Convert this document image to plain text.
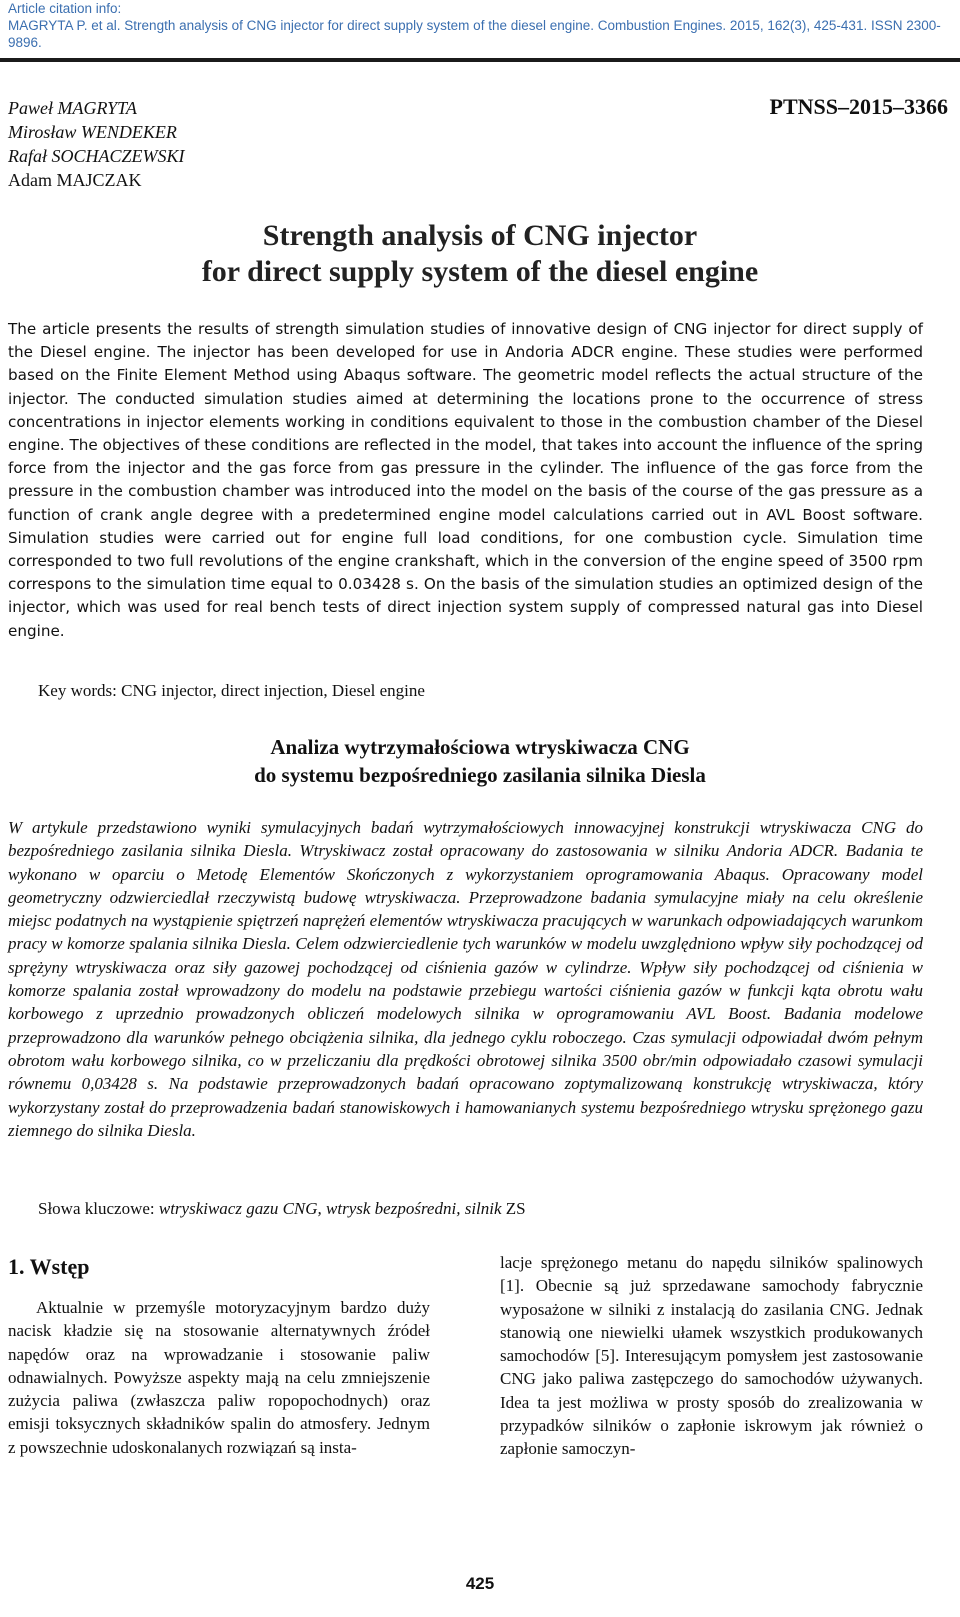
Article citation info:
MAGRYTA P. et al. Strength analysis of CNG injector for direct supply system of the diesel engine. Combustion Engines. 2015, 162(3), 425-431. ISSN 2300-9896.
Paweł MAGRYTA
Mirosław WENDEKER
Rafał SOCHACZEWSKI
Adam MAJCZAK
PTNSS–2015–3366
Strength analysis of CNG injector
for direct supply system of the diesel engine

The article presents the results of strength simulation studies of innovative design of CNG injector for direct supply of the Diesel engine. The injector has been developed for use in Andoria ADCR engine. These studies were performed based on the Finite Element Method using Abaqus software. The geometric model reflects the actual structure of the injector. The conducted simulation studies aimed at determining the locations prone to the occurrence of stress concentrations in injector elements working in conditions equivalent to those in the combustion chamber of the Diesel engine. The objectives of these conditions are reflected in the model, that takes into account the influence of the spring force from the injector and the gas force from gas pressure in the cylinder. The influence of the gas force from the pressure in the combustion chamber was introduced into the model on the basis of the course of the gas pressure as a function of crank angle degree with a predetermined engine model calculations carried out in AVL Boost software. Simulation studies were carried out for engine full load conditions, for one combustion cycle. Simulation time corresponded to two full revolutions of the engine crankshaft, which in the conversion of the engine speed of 3500 rpm correspons to the simulation time equal to 0.03428 s. On the basis of the simulation studies an optimized design of the injector, which was used for real bench tests of direct injection system supply of compressed natural gas into Diesel engine.

Key words: CNG injector, direct injection, Diesel engine
Analiza wytrzymałościowa wtryskiwacza CNG
do systemu bezpośredniego zasilania silnika Diesla

W artykule przedstawiono wyniki symulacyjnych badań wytrzymałościowych innowacyjnej konstrukcji wtryskiwacza CNG do bezpośredniego zasilania silnika Diesla. Wtryskiwacz został opracowany do zastosowania w silniku Andoria ADCR. Badania te wykonano w oparciu o Metodę Elementów Skończonych z wykorzystaniem oprogramowania Abaqus. Opracowany model geometryczny odzwierciedlał rzeczywistą budowę wtryskiwacza. Przeprowadzone badania symulacyjne miały na celu określenie miejsc podatnych na wystąpienie spiętrzeń naprężeń elementów wtryskiwacza pracujących w warunkach odpowiadających warunkom pracy w komorze spalania silnika Diesla. Celem odzwierciedlenie tych warunków w modelu uwzględniono wpływ siły pochodzącej od sprężyny wtryskiwacza oraz siły gazowej pochodzącej od ciśnienia gazów w cylindrze. Wpływ siły pochodzącej od ciśnienia w komorze spalania został wprowadzony do modelu na podstawie przebiegu wartości ciśnienia gazów w funkcji kąta obrotu wału korbowego z uprzednio prowadzonych obliczeń modelowych silnika w oprogramowaniu AVL Boost. Badania modelowe przeprowadzono dla warunków pełnego obciążenia silnika, dla jednego cyklu roboczego. Czas symulacji odpowiadał dwóm pełnym obrotom wału korbowego silnika, co w przeliczaniu dla prędkości obrotowej silnika 3500 obr/min odpowiadało czasowi symulacji równemu 0,03428 s. Na podstawie przeprowadzonych badań opracowano zoptymalizowaną konstrukcję wtryskiwacza, który wykorzystany został do przeprowadzenia badań stanowiskowych i hamowanianych systemu bezpośredniego wtrysku sprężonego gazu ziemnego do silnika Diesla.

Słowa kluczowe: wtryskiwacz gazu CNG, wtrysk bezpośredni, silnik ZS
1. Wstęp

Aktualnie w przemyśle motoryzacyjnym bardzo duży nacisk kładzie się na stosowanie alternatywnych źródeł napędów oraz na wprowadzanie i stosowanie paliw odnawialnych. Powyższe aspekty mają na celu zmniejszenie zużycia paliwa (zwłaszcza paliw ropopochodnych) oraz emisji toksycznych składników spalin do atmosfery. Jednym z powszechnie udoskonalanych rozwiązań są insta-

lacje sprężonego metanu do napędu silników spalinowych [1]. Obecnie są już sprzedawane samochody fabrycznie wyposażone w silniki z instalacją do zasilania CNG. Jednak stanowią one niewielki ułamek wszystkich produkowanych samochodów [5]. Interesującym pomysłem jest zastosowanie CNG jako paliwa zastępczego do samochodów używanych. Idea ta jest możliwa w prosty sposób do zrealizowania w przypadków silników o zapłonie iskrowym jak również o zapłonie samoczyn-

425
